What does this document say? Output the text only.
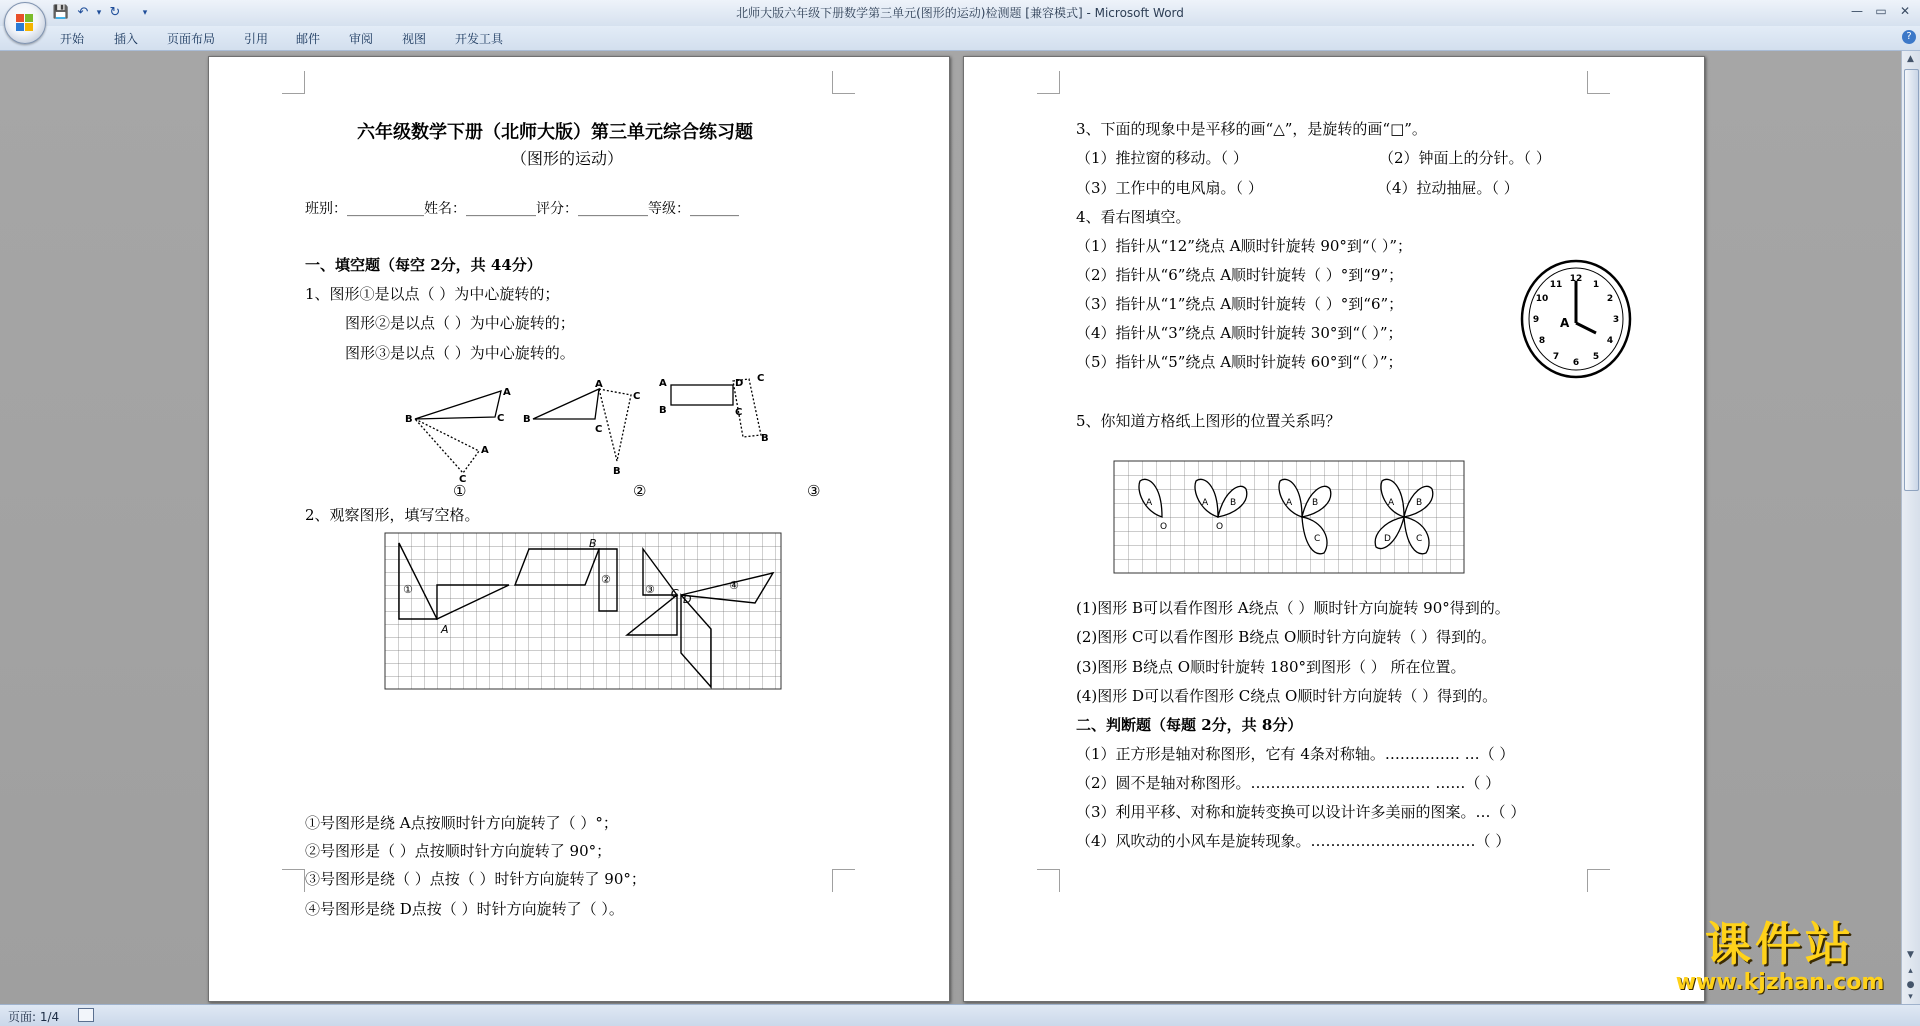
💾 ↶ ▾ ↻	▾	北师大版六年级下册数学第三单元(图形的运动)检测题 [兼容模式] - Microsoft Word	—	▭	✕
开始 插入 页面布局 引用 邮件 审阅 视图 开发工具	?
六年级数学下册（北师大版）第三单元综合练习题
（图形的运动）
班别：___________姓名：__________评分：__________等级：_______
一、填空题（每空 2分，共 44分）
1、图形①是以点（ ）为中心旋转的；
图形②是以点（ ）为中心旋转的；
图形③是以点（ ）为中心旋转的。
B
A
C
A
C
B
A
C
C
B
A
B
D
C
C
B
①	②	③
2、观察图形，填写空格。
①
A
B
②
③ C D
④
①号图形是绕 A点按顺时针方向旋转了（ ）°；
②号图形是（ ）点按顺时针方向旋转了 90°；
③号图形是绕（ ）点按（ ）时针方向旋转了 90°；
④号图形是绕 D点按（ ）时针方向旋转了（ ）。
3、下面的现象中是平移的画“△”，是旋转的画“□”。
（1）推拉窗的移动。（ ）	（2）钟面上的分针。（ ）
（3）工作中的电风扇。（ ）	（4）拉动抽屉。（ ）
4、看右图填空。
（1）指针从“12”绕点 A顺时针旋转 90°到“（ ）”；
（2）指针从“6”绕点 A顺时针旋转（ ）°到“9”；
（3）指针从“1”绕点 A顺时针旋转（ ）°到“6”；
（4）指针从“3”绕点 A顺时针旋转 30°到“（ ）”；
（5）指针从“5”绕点 A顺时针旋转 60°到“（ ）”；
12
1
2
3
4
5
6
7
8
9
10
11
A
5、你知道方格纸上图形的位置关系吗？
A
O
A B
O
A B
C
A B
C
D
(1)图形 B可以看作图形 A绕点（ ）顺时针方向旋转 90°得到的。
(2)图形 C可以看作图形 B绕点 O顺时针方向旋转（ ）得到的。
(3)图形 B绕点 O顺时针旋转 180°到图形（ ） 所在位置。
(4)图形 D可以看作图形 C绕点 O顺时针方向旋转（ ）得到的。
二、判断题（每题 2分，共 8分）
（1）正方形是轴对称图形，它有 4条对称轴。…………… …（ ）
（2）圆不是轴对称图形。……………………………… ……（ ）
（3）利用平移、对称和旋转变换可以设计许多美丽的图案。…（ ）
（4）风吹动的小风车是旋转现象。……………………………（ ）
▲
▼
▴
●
▾
课件站
www.kjzhan.com
页面: 1/4
